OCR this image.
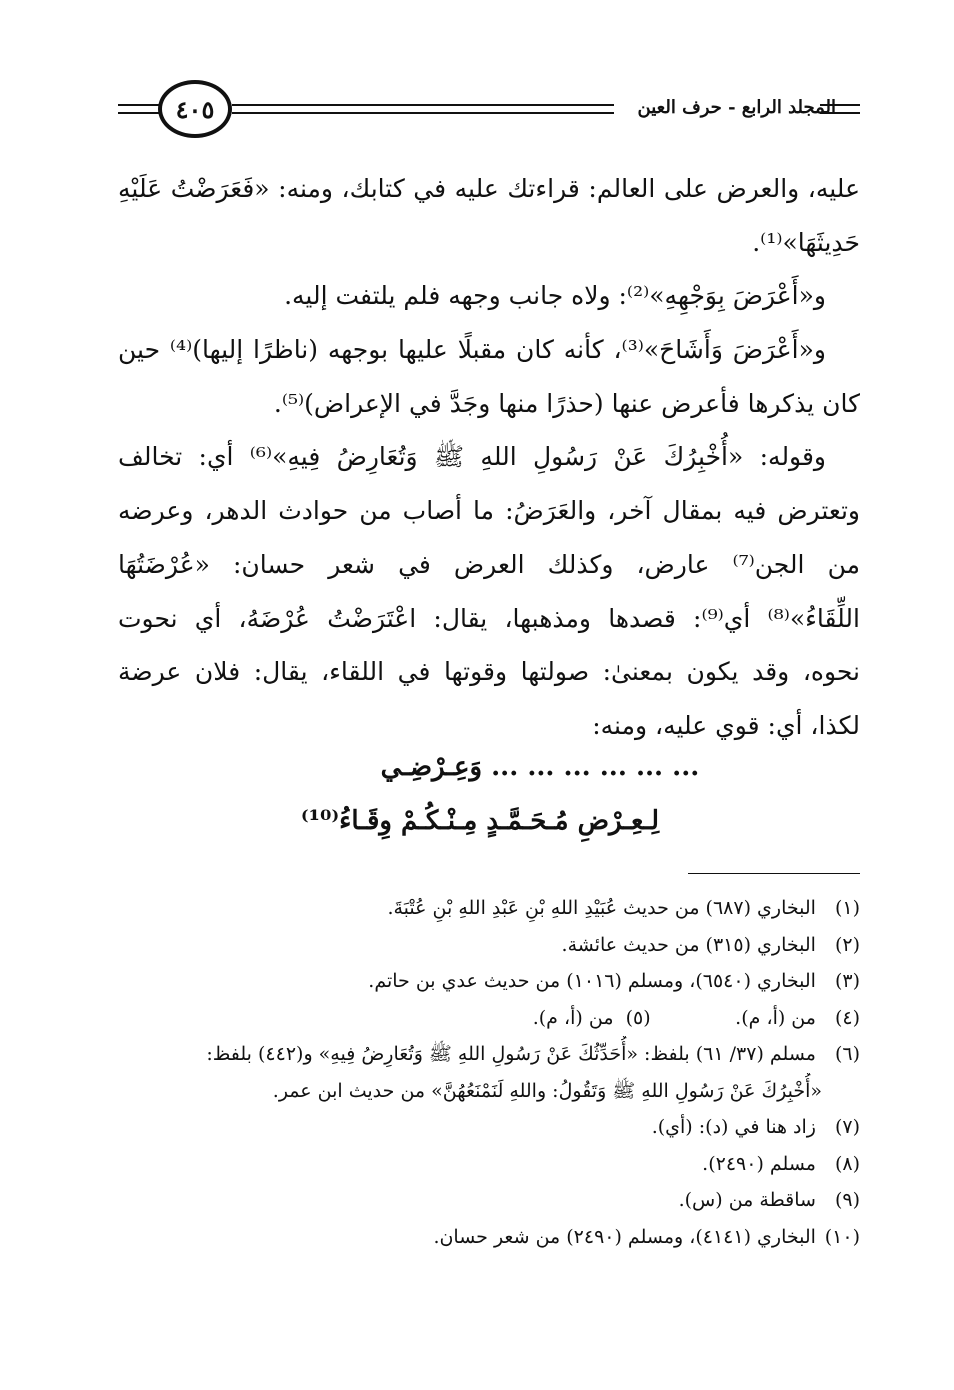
٤٠٥	المجلد الرابع - حرف العين
عليه، والعرض على العالم: قراءتك عليه في كتابك، ومنه: «فَعَرَضْتُ عَلَيْهِ
حَدِيثَهَا»⁽¹⁾.
و«أَعْرَضَ بِوَجْهِهِ»⁽²⁾: ولاه جانب وجهه فلم يلتفت إليه.
و«أَعْرَضَ وَأَشَاحَ»⁽³⁾، كأنه كان مقبلًا عليها بوجهه (ناظرًا إليها)⁽⁴⁾ حين
كان يذكرها فأعرض عنها (حذرًا منها وجَدَّ في الإعراض)⁽⁵⁾.
وقوله: «أُخْبِرُكَ عَنْ رَسُولِ اللهِ ﷺ وَتُعَارِضُ فِيهِ»⁽⁶⁾ أي: تخالف
وتعترض فيه بمقال آخر، والعَرَضُ: ما أصاب من حوادث الدهر، وعرضه
من الجن⁽⁷⁾ عارض، وكذلك العرض في شعر حسان: «عُرْضَتُهَا
اللِّقَاءُ»⁽⁸⁾ أي⁽⁹⁾: قصدها ومذهبها، يقال: اعْتَرَضْتُ عُرْضَهُ، أي نحوت
نحوه، وقد يكون بمعنىٰ: صولتها وقوتها في اللقاء، يقال: فلان عرضة
لكذا، أي: قوي عليه، ومنه:
... ... ... ... ... ... وَعِـرْضِـي
لِـعِـرْضِ مُـحَـمَّـدٍ مِـنْـكُـمْ وِقَـاءُ⁽¹⁰⁾
(١) البخاري (٦٨٧) من حديث عُبَيْدِ اللهِ بْنِ عَبْدِ اللهِ بْنِ عُتْبَةَ.
(٢) البخاري (٣١٥) من حديث عائشة.
(٣) البخاري (٦٥٤٠)، ومسلم (١٠١٦) من حديث عدي بن حاتم.
(٤) من (أ، م).              (٥)  من (أ، م).
(٦) مسلم (٣٧/ ٦١) بلفظ: «أُحَدِّثُكَ عَنْ رَسُولِ اللهِ ﷺ وَتُعَارِضُ فِيهِ» و(٤٤٢) بلفظ:
«أُخْبِرُكَ عَنْ رَسُولِ اللهِ ﷺ وَتَقُولُ: واللهِ لَنَمْنَعُهُنَّ» من حديث ابن عمر.
(٧) زاد هنا في (د): (أي).
(٨) مسلم (٢٤٩٠).
(٩) ساقطة من (س).
(١٠) البخاري (٤١٤١)، ومسلم (٢٤٩٠) من شعر حسان.
